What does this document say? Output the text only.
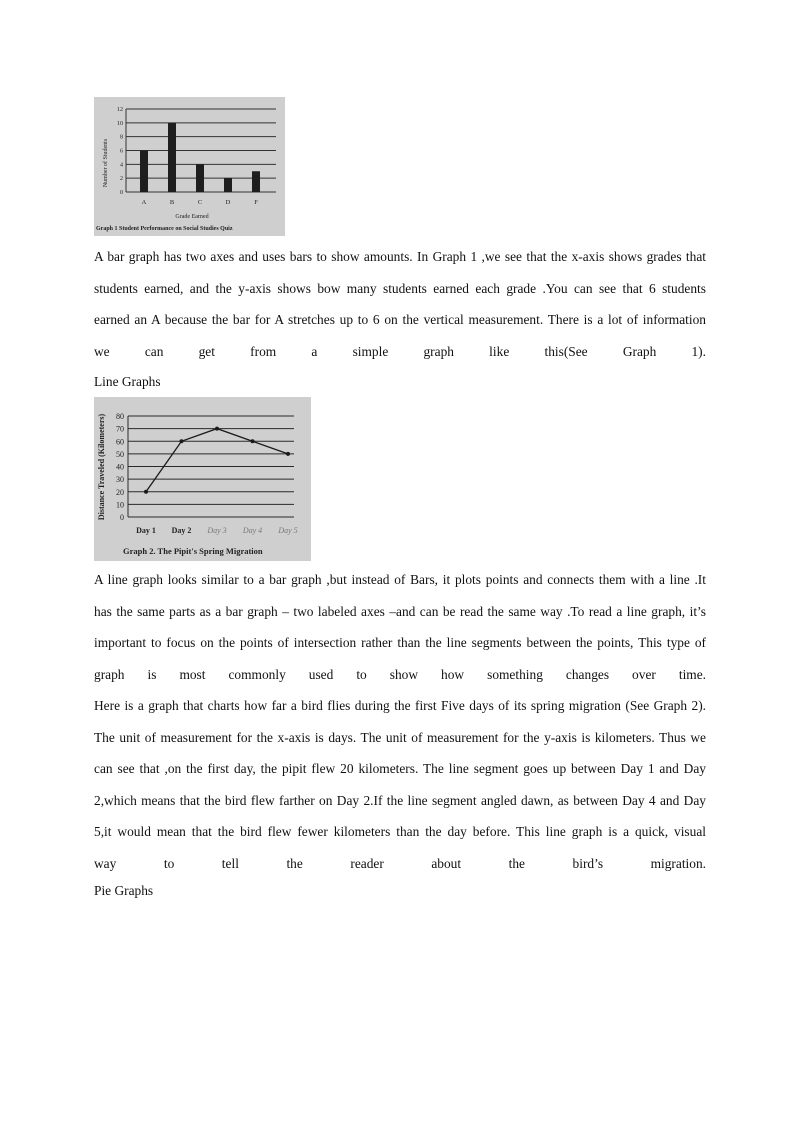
0
2
4
6
8
10
12
A	B	C	D	F
Number of Students
Grade Earned
Graph 1 Student Performance on Social Studies Quiz

A bar graph has two axes and uses bars to show amounts. In Graph 1 ,we see that the x-axis shows grades that
students earned, and the y-axis shows bow many students earned each grade .You can see that 6 students
earned an A because the bar for A stretches up to 6 on the vertical measurement. There is a lot of information
we can get from a simple graph like this(See Graph 1).

Line Graphs

0
10
20
30
40
50
60
70
80
Day 1 Day 2 Day 3 Day 4 Day 5
Distance Traveled (Kilometers)
Graph 2. The Pipit's Spring Migration

A line graph looks similar to a bar graph ,but instead of Bars, it plots points and connects them with a line .It
has the same parts as a bar graph – two labeled axes –and can be read the same way .To read a line graph, it’s
important to focus on the points of intersection rather than the line segments between the points, This type of
graph is most commonly used to show how something changes over time.

Here is a graph that charts how far a bird flies during the first Five days of its spring migration (See Graph 2).
The unit of measurement for the x-axis is days. The unit of measurement for the y-axis is kilometers. Thus we
can see that ,on the first day, the pipit flew 20 kilometers. The line segment goes up between Day 1 and Day
2,which means that the bird flew farther on Day 2.If the line segment angled dawn, as between Day 4 and Day
5,it would mean that the bird flew fewer kilometers than the day before. This line graph is a quick, visual
way to tell the reader about the bird’s migration.

Pie Graphs
